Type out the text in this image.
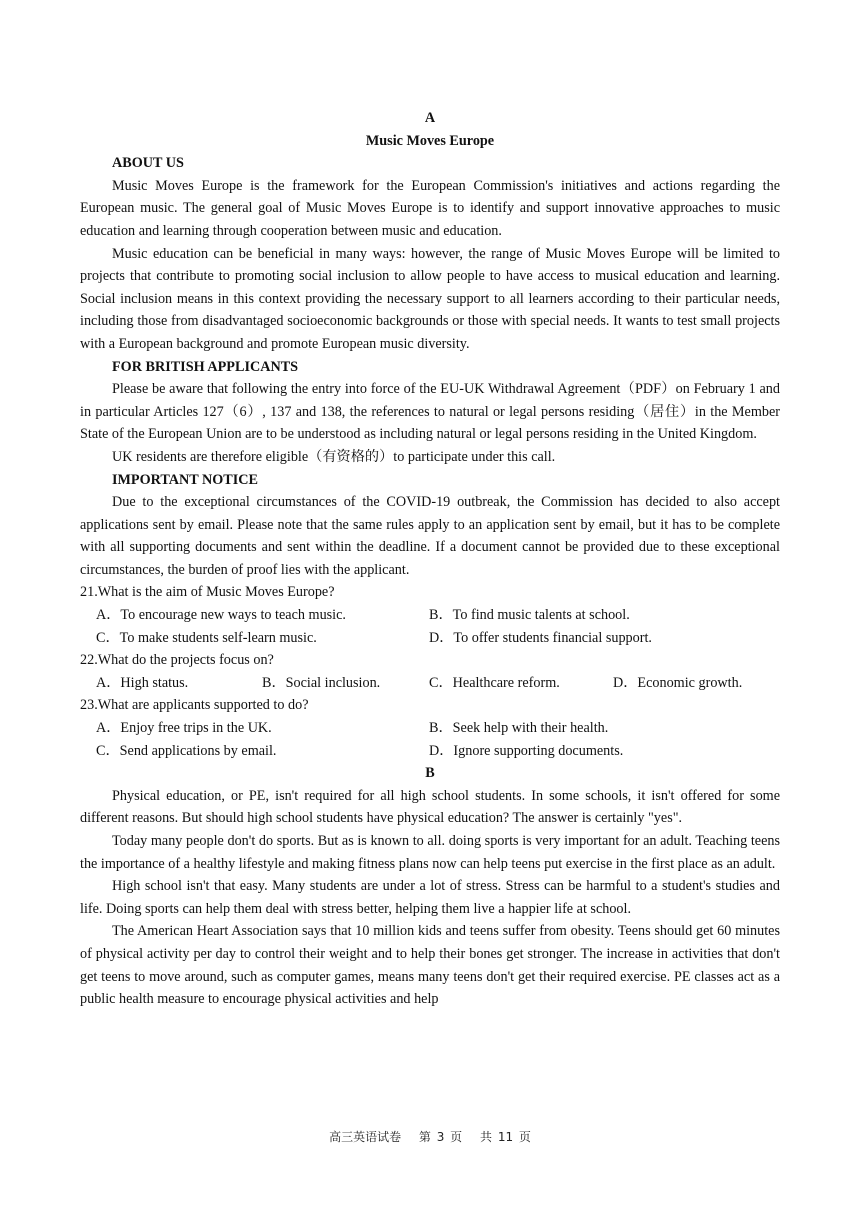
A
Music Moves Europe
ABOUT US

Music Moves Europe is the framework for the European Commission's initiatives and actions regarding the European music. The general goal of Music Moves Europe is to identify and support innovative approaches to music education and learning through cooperation between music and education.

Music education can be beneficial in many ways: however, the range of Music Moves Europe will be limited to projects that contribute to promoting social inclusion to allow people to have access to musical education and learning. Social inclusion means in this context providing the necessary support to all learners according to their particular needs, including those from disadvantaged socioeconomic backgrounds or those with special needs. It wants to test small projects with a European background and promote European music diversity.

FOR BRITISH APPLICANTS

Please be aware that following the entry into force of the EU-UK Withdrawal Agreement（PDF）on February 1 and in particular Articles 127（6）, 137 and 138, the references to natural or legal persons residing（居住）in the Member State of the European Union are to be understood as including natural or legal persons residing in the United Kingdom.

UK residents are therefore eligible（有资格的）to participate under this call.

IMPORTANT NOTICE

Due to the exceptional circumstances of the COVID-19 outbreak, the Commission has decided to also accept applications sent by email. Please note that the same rules apply to an application sent by email, but it has to be complete with all supporting documents and sent within the deadline. If a document cannot be provided due to these exceptional circumstances, the burden of proof lies with the applicant.

21.What is the aim of Music Moves Europe?
A．To encourage new ways to teach music.	B．To find music talents at school.
C．To make students self-learn music.	D．To offer students financial support.
22.What do the projects focus on?
A．High status.	B．Social inclusion.	C．Healthcare reform.	D．Economic growth.
23.What are applicants supported to do?
A．Enjoy free trips in the UK.	B．Seek help with their health.
C．Send applications by email.	D．Ignore supporting documents.
B

Physical education, or PE, isn't required for all high school students. In some schools, it isn't offered for some different reasons. But should high school students have physical education? The answer is certainly "yes".

Today many people don't do sports. But as is known to all. doing sports is very important for an adult. Teaching teens the importance of a healthy lifestyle and making fitness plans now can help teens put exercise in the first place as an adult.

High school isn't that easy. Many students are under a lot of stress. Stress can be harmful to a student's studies and life. Doing sports can help them deal with stress better, helping them live a happier life at school.

The American Heart Association says that 10 million kids and teens suffer from obesity. Teens should get 60 minutes of physical activity per day to control their weight and to help their bones get stronger. The increase in activities that don't get teens to move around, such as computer games, means many teens don't get their required exercise. PE classes act as a public health measure to encourage physical activities and help

高三英语试卷 第 3 页 共 11 页
